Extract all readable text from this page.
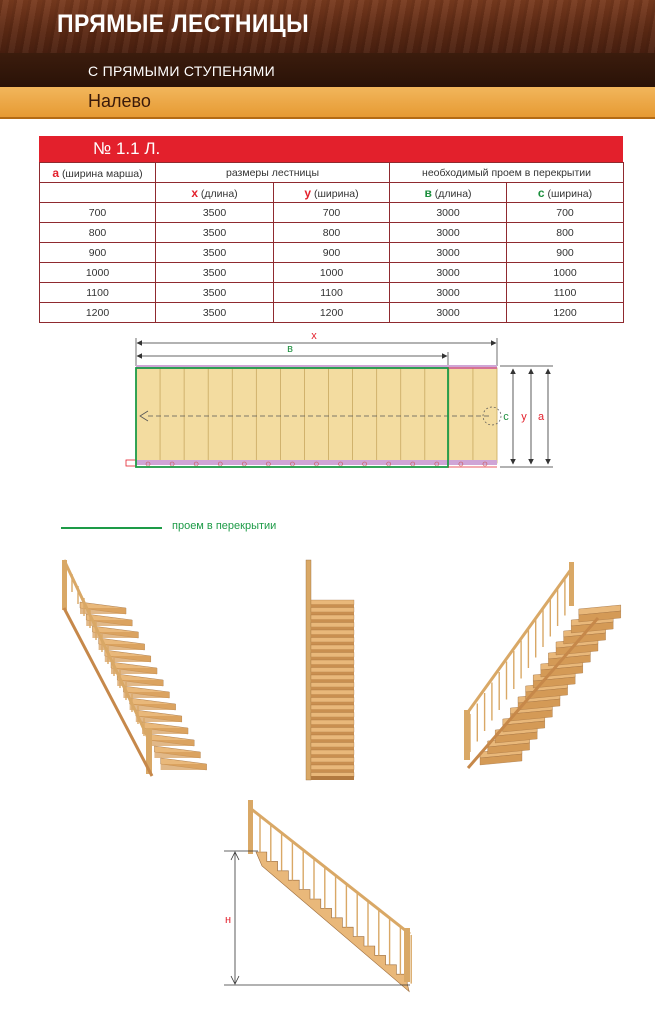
ПРЯМЫЕ ЛЕСТНИЦЫ
С ПРЯМЫМИ СТУПЕНЯМИ
Налево
№ 1.1 Л.
а (ширина марша)	размеры лестницы		необходимый проем в перекрытии	
	х (длина)	у (ширина)	в (длина)	с (ширина)
700	3500	700	3000	700
800	3500	800	3000	800
900	3500	900	3000	900
1000	3500	1000	3000	1000
1100	3500	1100	3000	1100
1200	3500	1200	3000	1200
х
в
с у а
проем в перекрытии
н
